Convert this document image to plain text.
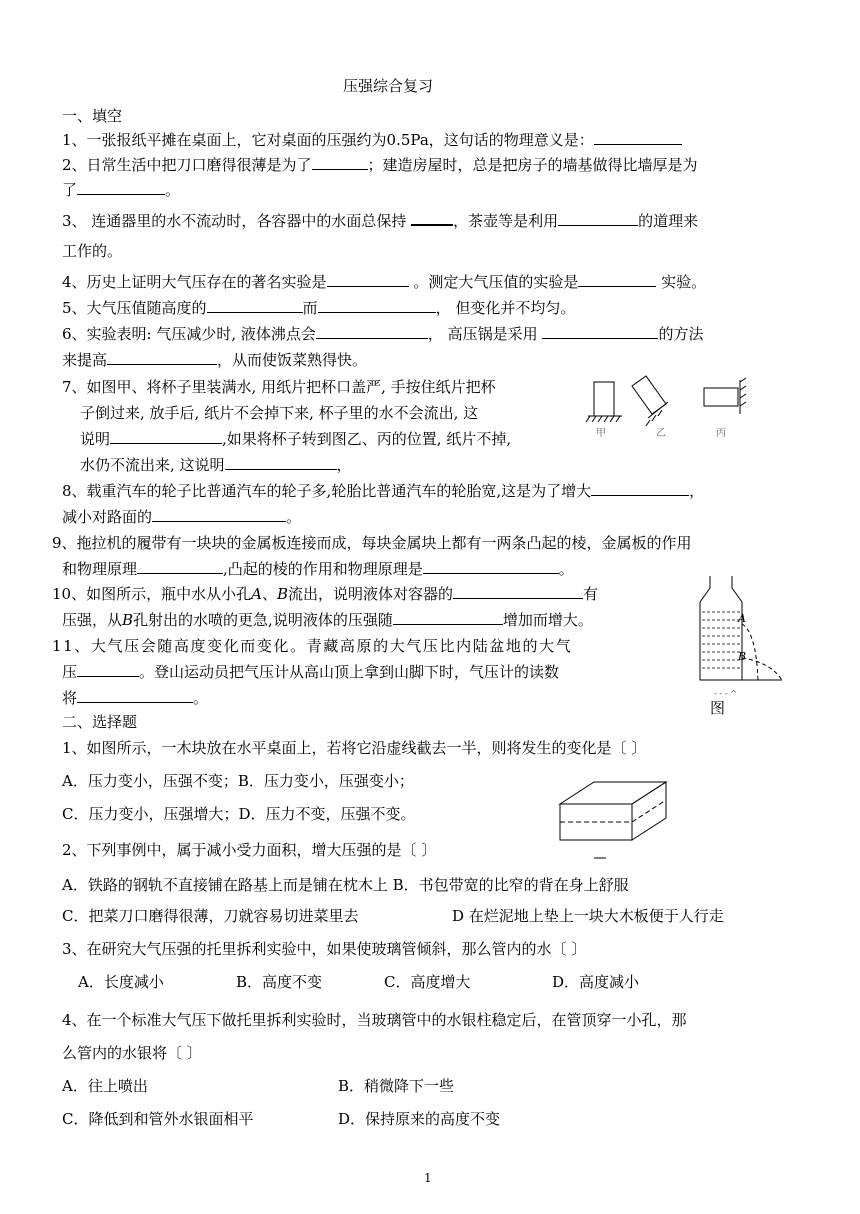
压强综合复习
一、填空
1、一张报纸平摊在桌面上，它对桌面的压强约为0.5Pa，这句话的物理意义是：
2、日常生活中把刀口磨得很薄是为了	；建造房屋时，总是把房子的墙基做得比墙厚是为
了	。
3、 连通器里的水不流动时，各容器中的水面总保持	，茶壶等是利用	的道理来
工作的。
4、历史上证明大气压存在的著名实验是	。测定大气压值的实验是	实验。
5、大气压值随高度的	而	， 但变化并不均匀。
6、实验表明: 气压减少时, 液体沸点会	， 高压锅是采用	的方法
来提高	，从而使饭菜熟得快。
7、如图甲、将杯子里装满水, 用纸片把杯口盖严, 手按住纸片把杯
子倒过来, 放手后, 纸片不会掉下来, 杯子里的水不会流出, 这
说明	,如果将杯子转到图乙、丙的位置, 纸片不掉,
水仍不流出来, 这说明	，
甲	乙	丙
8、载重汽车的轮子比普通汽车的轮子多,轮胎比普通汽车的轮胎宽,这是为了增大	，
减小对路面的	。
9、拖拉机的履带有一块块的金属板连接而成，每块金属块上都有一两条凸起的棱，金属板的作用
和物理原理	,凸起的棱的作用和物理原理是	。
10、如图所示，瓶中水从小孔A、B流出，说明液体对容器的	有
压强，从B孔射出的水喷的更急,说明液体的压强随	增加而增大。
11、大气压会随高度变化而变化。青藏高原的大气压比内陆盆地的大气
压	。登山运动员把气压计从高山顶上拿到山脚下时，气压计的读数
将	。
A
B
- - - ^
图
二、选择题
1、如图所示，一木块放在水平桌面上，若将它沿虚线截去一半，则将发生的变化是〔 〕
A．压力变小，压强不变；B．压力变小，压强变小；
C．压力变小，压强增大；D．压力不变，压强不变。
2、下列事例中，属于减小受力面积，增大压强的是〔 〕
A．铁路的钢轨不直接铺在路基上而是铺在枕木上 B．书包带宽的比窄的背在身上舒服
C．把菜刀口磨得很薄，刀就容易切进菜里去	D 在烂泥地上垫上一块大木板便于人行走
3、在研究大气压强的托里拆利实验中，如果使玻璃管倾斜，那么管内的水〔 〕
A．长度减小	B．高度不变	C．高度增大	D．高度减小
4、在一个标准大气压下做托里拆利实验时，当玻璃管中的水银柱稳定后，在管顶穿一小孔，那
么管内的水银将〔 〕
A．往上喷出	B．稍微降下一些
C．降低到和管外水银面相平	D．保持原来的高度不变
1
